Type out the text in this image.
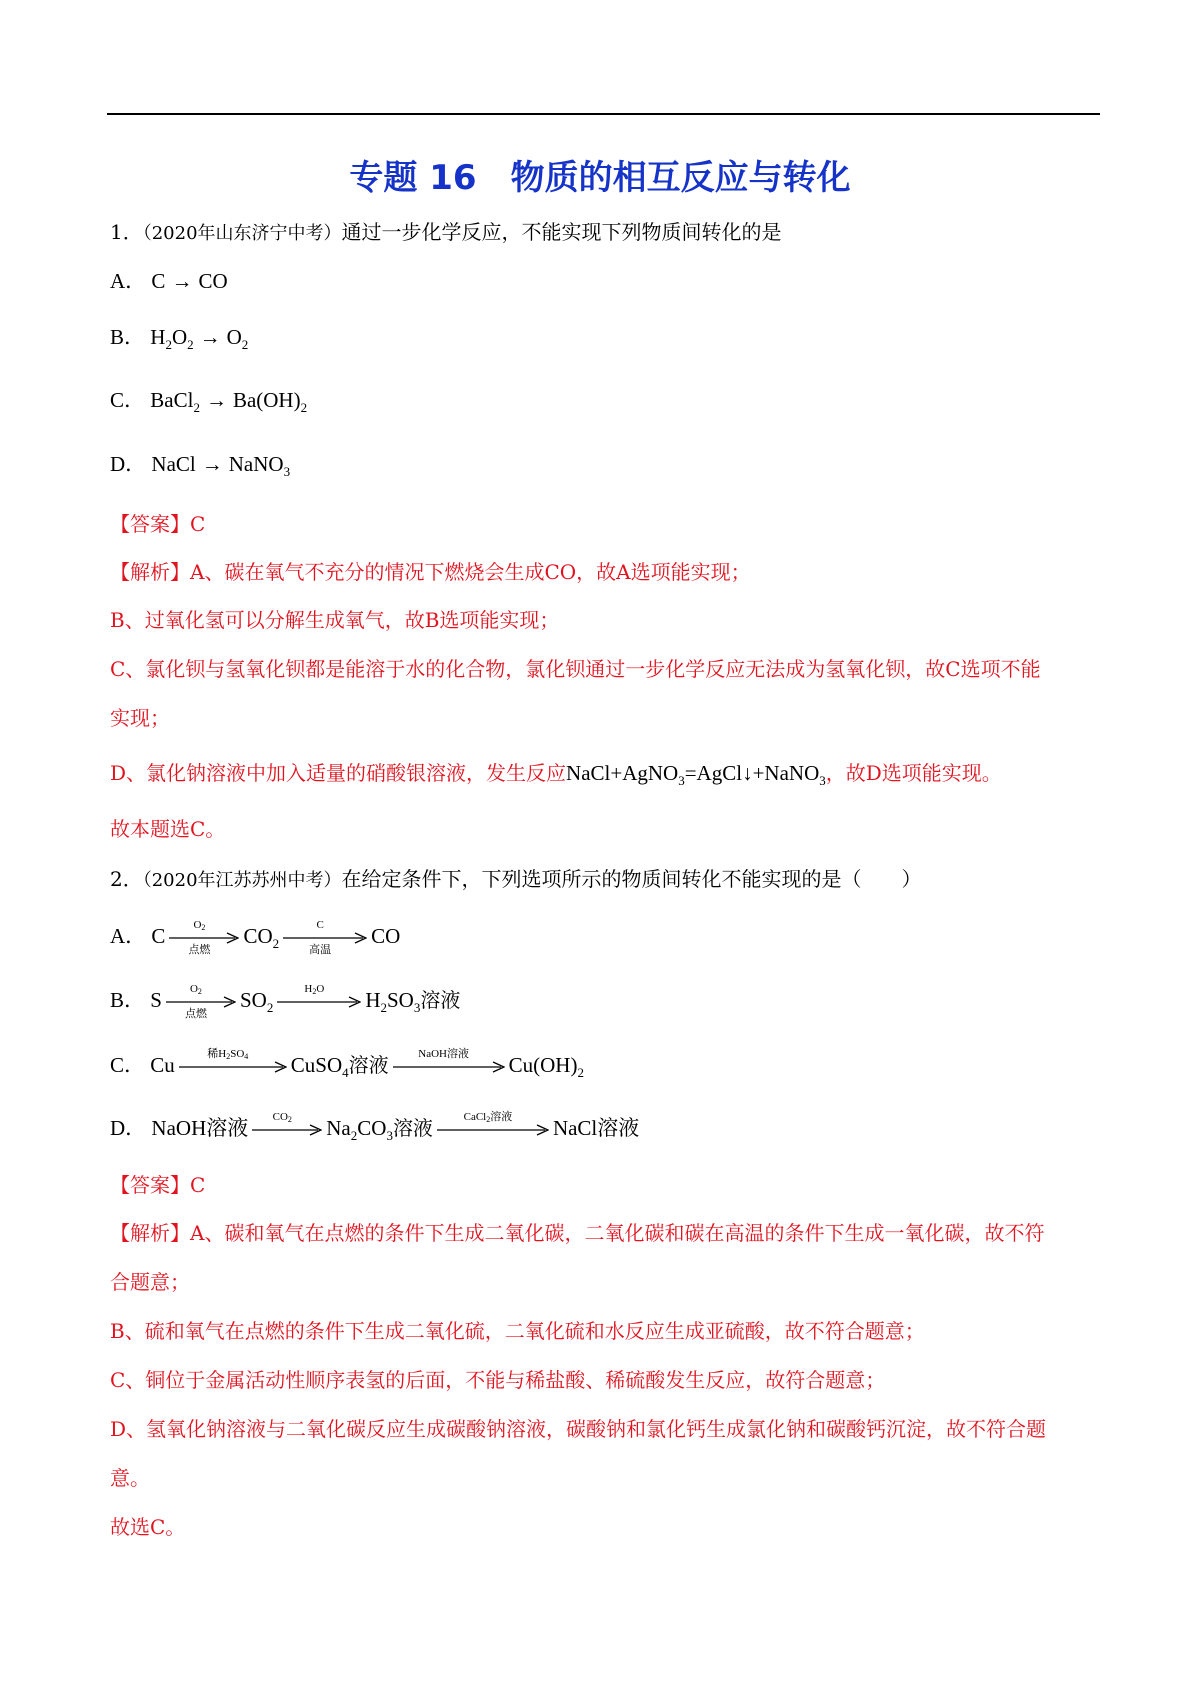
专题 16　物质的相互反应与转化
1．（2020年山东济宁中考）通过一步化学反应，不能实现下列物质间转化的是
A． C → CO
B． $H_2O_2 \to O_2$
C． BaCl$_2$ → $Ba(OH)_2$
D． NaCl → NaNO$_3$
【答案】C
【解析】A、碳在氧气不充分的情况下燃烧会生成CO，故A选项能实现；
B、过氧化氢可以分解生成氧气，故B选项能实现；
C、氯化钡与氢氧化钡都是能溶于水的化合物，氯化钡通过一步化学反应无法成为氢氧化钡，故C选项不能
实现；
D、氯化钠溶液中加入适量的硝酸银溶液，发生反应NaCl+AgNO$_3$=AgCl↓+NaNO$_3$，故D选项能实现。
故本题选C。
2．（2020年江苏苏州中考）在给定条件下，下列选项所示的物质间转化不能实现的是（　　）
A． C	$O_2$
点燃
$CO_2$
C
高温
CO
B． S	$O_2$
点燃
$SO_2$
$H_2O$	$H_2SO_3$溶液
C． Cu	稀$H_2SO_4$	CuSO$_4$溶液	NaOH溶液	$Cu(OH)_2$
D． NaOH溶液	$CO_2$	$Na_2CO_3$溶液	CaCl$_2$溶液	NaCl溶液
【答案】C
【解析】A、碳和氧气在点燃的条件下生成二氧化碳，二氧化碳和碳在高温的条件下生成一氧化碳，故不符
合题意；
B、硫和氧气在点燃的条件下生成二氧化硫，二氧化硫和水反应生成亚硫酸，故不符合题意；
C、铜位于金属活动性顺序表氢的后面，不能与稀盐酸、稀硫酸发生反应，故符合题意；
D、氢氧化钠溶液与二氧化碳反应生成碳酸钠溶液，碳酸钠和氯化钙生成氯化钠和碳酸钙沉淀，故不符合题
意。
故选C。
